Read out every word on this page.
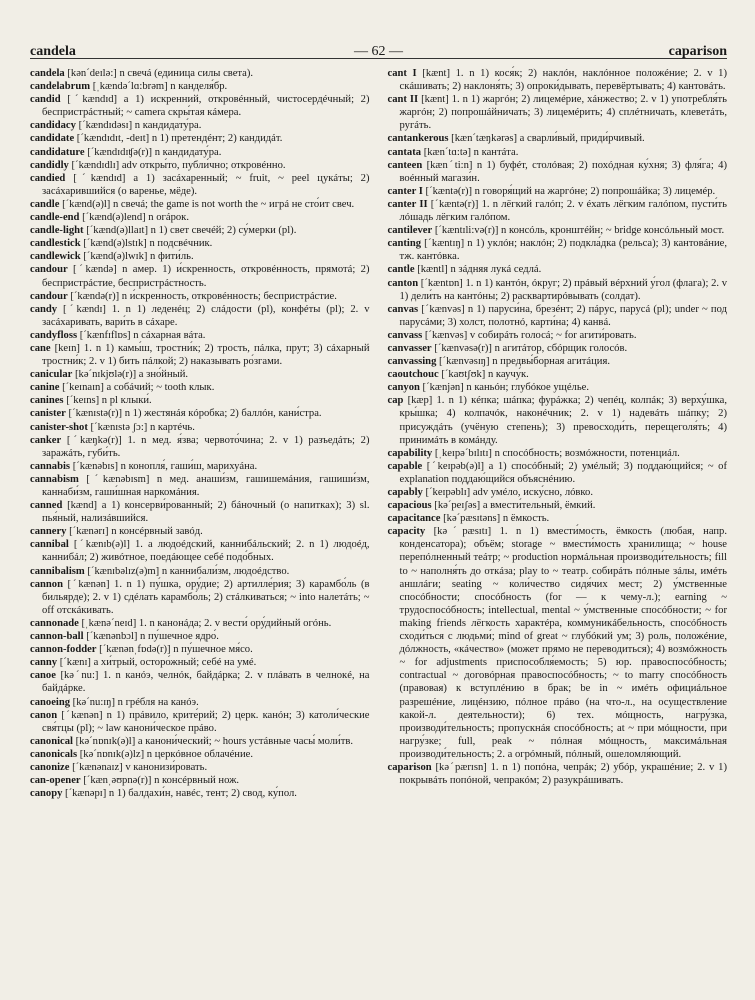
candela	— 62 —	caparison

candela [kənˊdeɪlə:] n свечá (единица силы света).

candelabrum [ˌkændəˊlɑ:brəm] n канделя́бр.

candid [ˊkændɪd] a 1) искренний, откровéнный, чистосердéчный; 2) беспристрáстный; ~ camera скры́тая кáмера.

candidacy [ˊkændɪdəsɪ] n кандидату́ра.

candidate [ˊkændɪdɪt, -deɪt] n 1) претендéнт; 2) кандидáт.

candidature [ˊkændɪdɪʧə(r)] n кандидату́ра.

candidly [ˊkændɪdlɪ] adv откры́то, публи́чно; откровéнно.

candied [ˊkændɪd] a 1) засáхаренный; ~ fruit, ~ peel цукáты; 2) засáхарившийся (о варенье, мёде).

candle [ˊkænd(ə)l] n свечá; the game is not worth the ~ игрá не сто́ит свеч.

candle-end [ˊkænd(ə)lend] n огáрок.

candle-light [ˊkænd(ə)llaɪt] n 1) свет свечéй; 2) су́мерки (pl).

candlestick [ˊkænd(ə)lstɪk] n подсвéчник.

candlewick [ˊkænd(ə)lwɪk] n фити́ль.

candour [ˊkændə] n амер. 1) и́скренность, откровéнность, прямотá; 2) беспристрáстие, беспристрáстность.

candour [ˊkændə(r)] n и́скренность, откровéнность; беспристрáстие.

candy [ˊkændɪ] 1. n 1) леденéц; 2) слáдости (pl), конфéты (pl); 2. v засáхаривать, вари́ть в сáхаре.

candyfloss [ˊkænfɪflɒs] n сáхарная вáта.

cane [keɪn] 1. n 1) камы́ш, тростни́к; 2) трость, пáлка, прут; 3) сáхарный тростни́к; 2. v 1) бить пáлкой; 2) наказывать ро́згами.

canicular [kəˊnɪkjʊlə(r)] a зно́йный.

canine [ˊkeɪnaɪn] a собáчий; ~ tooth клык.

canines [ˊkeɪns] n pl клыки́.

canister [ˊkænɪstə(r)] n 1) жестянáя кóробка; 2) баллóн, кани́стра.

canister-shot [ˊkænɪstə ʃɔ:] n картéчь.

canker [ˊkæŋkə(r)] 1. n мед. я́зва; червото́чина; 2. v 1) разъедáть; 2) заражáть, губи́ть.

cannabis [ˊkænəbɪs] n конопля́, гаши́ш, марихуáна.

cannabism [ˊkænəbɪsm] n мед. анаши́зм, гашишемáния, гашиши́зм, каннаби́зм, гаши́шная наркомáния.

canned [kænd] a 1) консерви́рованный; 2) бáночный (о напитках); 3) sl. пья́ный, нализáвшийся.

cannery [ˊkænərɪ] n консéрвный завóд.

cannibal [ˊkænɪb(ə)l] 1. a людоéдский, каннибáльский; 2. n 1) людоéд, каннибáл; 2) живóтное, поедáющее себé подо́бных.

cannibalism [ˊkænɪbəlɪz(ə)m] n каннибали́зм, людоéдство.

cannon [ˊkænən] 1. n 1) пу́шка, ору́дие; 2) артилле́рия; 3) карамбо́ль (в бильярде); 2. v 1) сдéлать карамбо́ль; 2) стáлкиваться; ~ into налетáть; ~ off отскáкивать.

cannonade [ˌkænəˊneɪd] 1. n канонáда; 2. v вести́ ору́дийный огóнь.

cannon-ball [ˊkænənbɔl] n пу́шечное ядро́.

cannon-fodder [ˊkænənˌfɒdə(r)] n пу́шечное мя́со.

canny [ˊkænɪ] a хи́трый, осторо́жный; себé на умé.

canoe [kəˊnu:] 1. n канóэ, челнóк, байдáрка; 2. v плáвать в челнокé, на байдáрке.

canoeing [kəˊnu:ɪŋ] n грéбля на канóэ.

canon [ˊkænən] n 1) прáвило, крите́рий; 2) церк. канóн; 3) католи́ческие свя́тцы (pl); ~ law канони́ческое прáво.

canonical [kəˊnɒnɪk(ə)l] a канони́ческий; ~ hours устáвные часы́ моли́тв.

canonicals [kəˊnɒnɪk(ə)lz] n церкóвное облачéние.

canonize [ˊkænənaɪz] v канонизи́ровать.

can-opener [ˊkænˌəʊpnə(r)] n консéрвный нож.

canopy [ˊkænəpɪ] n 1) балдахи́н, навéс, тент; 2) свод, ку́пол.

cant I [kænt] 1. n 1) кося́к; 2) наклóн, наклóнное положéние; 2. v 1) скáшивать; 2) наклоня́ть; 3) опроки́дывать, перевёртывать; 4) кантовáть.

cant II [kænt] 1. n 1) жаргóн; 2) лицемéрие, хáнжество; 2. v 1) употребля́ть жаргóн; 2) попрошáйничать; 3) лицемéрить; 4) сплéтничать, клеветáть, ругáть.

cantankerous [kænˊtæŋkərəs] a сварли́вый, приди́рчивый.

cantata [kænˊtɑ:tə] n кантáта.

canteen [kænˊti:n] n 1) буфéт, столóвая; 2) похóдная ку́хня; 3) фля́га; 4) воéнный магази́н.

canter I [ˊkæntə(r)] n говоря́щий на жаргóне; 2) попрошáйка; 3) лицемéр.

canter II [ˊkæntə(r)] 1. n лёгкий галóп; 2. v éхать лёгким галóпом, пусти́ть лóшадь лёгким галóпом.

cantilever [ˊkæntɪli:və(r)] n консóль, кронштéйн; ~ bridge консóльный мост.

canting [ˊkæntɪŋ] n 1) уклóн; наклóн; 2) подкла́дка (рельса); 3) кантовáние, тж. кантóвка.

cantle [kæntl] n зáдняя лукá седлá.

canton [ˊkæntɒn] 1. n 1) кантóн, óкруг; 2) прáвый вéрхний у́гол (флага); 2. v 1) дели́ть на кантóны; 2) расквартирóвывать (солдат).

canvas [ˊkænvəs] n 1) паруси́на, брезéнт; 2) пáрус, парусá (pl); under ~ под парусáми; 3) холст, полотнó, карти́на; 4) канвá.

canvass [ˊkænvəs] v собирáть голосá; ~ for агити́ровать.

canvasser [ˊkænvəsə(r)] n агитáтор, сбóрщик голосóв.

canvassing [ˊkænvəsɪŋ] n предвы́борная агитáция.

caoutchouc [ˊkaʊtʃʊk] n каучу́к.

canyon [ˊkænjən] n каньóн; глубóкое ущéлье.

cap [kæp] 1. n 1) кéпка; шáпка; фурáжка; 2) чепéц, колпáк; 3) верху́шка, кры́шка; 4) колпачóк, наконéчник; 2. v 1) надевáть шáпку; 2) присуждáть (учёную степень); 3) превосходи́ть, перещеголя́ть; 4) принимáть в комáнду.

capability [ˌkeɪpəˊbɪlɪtɪ] n спосóбность; возмóжности, потенциáл.

capable [ˊkeɪpəb(ə)l] a 1) спосóбный; 2) умéлый; 3) поддаю́щийся; ~ of explanation поддаю́щийся объяснéнию.

capably [ˊkeɪpəblɪ] adv умéло, иску́сно, лóвко.

capacious [kəˊpeɪʃəs] a вмести́тельный, ёмкий.

capacitance [kəˊpæsɪtəns] n ёмкость.

capacity [kəˊpæsɪtɪ] 1. n 1) вмести́мость, ёмкость (любая, напр. конденсатора); объём; storage ~ вмести́мость хранилища; ~ house перепóлненный теáтр; ~ production нормáльная производи́тельность; fill to ~ наполня́ть до откáза; play to ~ театр. собирáть пóлные зáлы, имéть аншлáги; seating ~ коли́чество сидя́чих мест; 2) у́мственные спосóбности; спосóбность (for — к чему-л.); earning ~ трудоспосóбность; intellectual, mental ~ у́мственные спосóбности; ~ for making friends лёгкость характéра, коммуникáбельность, спосóбность сходи́ться с людьми́; mind of great ~ глубóкий ум; 3) роль, положéние, дóлжность, «кáчество» (может прямо не переводиться); 4) возмóжность ~ for adjustments приспособля́емость; 5) юр. правоспосóбность; contractual ~ договóрная правоспосóбность; ~ to marry спосóбность (правовая) к вступлéнию в брак; be in ~ имéть официáльное разрешéние, лицéнзию, пóлное прáво (на что-л., на осуществление какой-л. деятельности); 6) тех. мóщность, нагру́зка, производи́тельность; пропускнáя спосóбность; at ~ при мóщности, при нагру́зке; full, peak ~ пóлная мóщность, максимáльная производи́тельность; 2. a огрóмный, пóлный, ошеломля́ющий.

caparison [kəˊpærɪsn] 1. n 1) попóна, чепрáк; 2) убóр, украшéние; 2. v 1) покрывáть попóной, чепракóм; 2) разукрáшивать.
